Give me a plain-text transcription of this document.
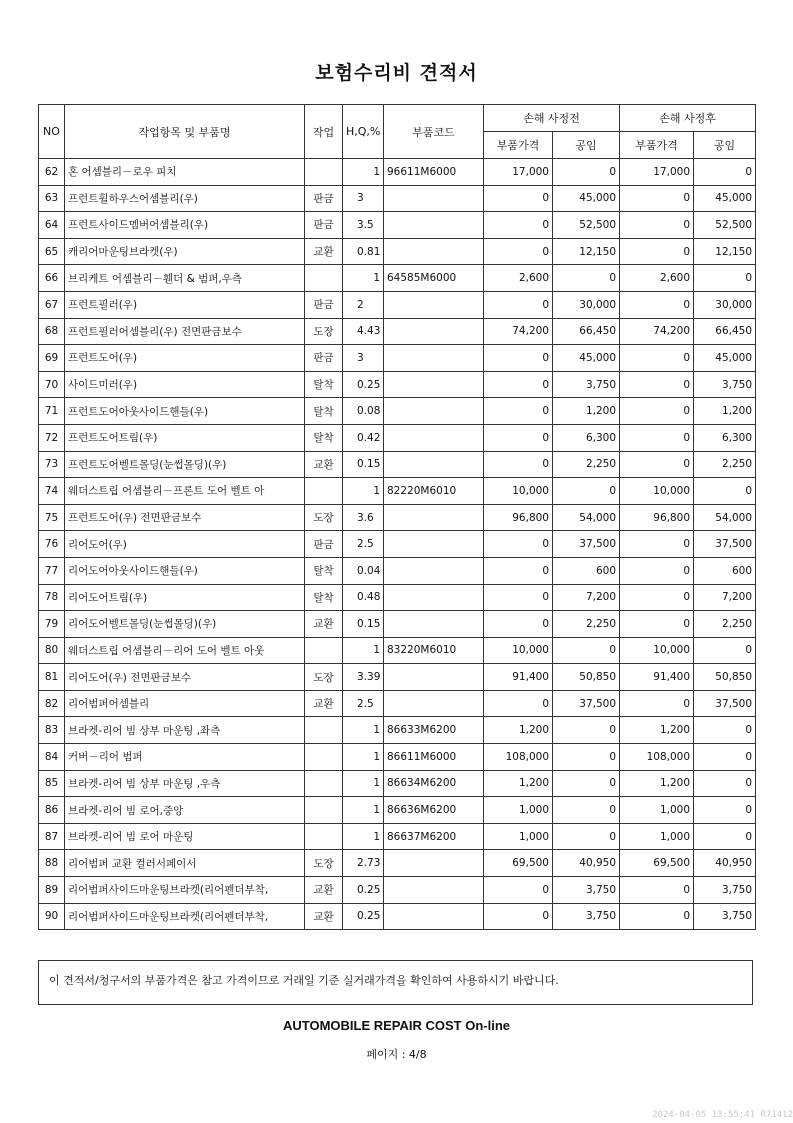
보험수리비 견적서
NO	작업항목 및 부품명	작업	H,Q,%	부품코드	손해 사정전		손해 사정후	
					부품가격	공임	부품가격	공임
62	혼 어셈블리－로우 피치		1	96611M6000	17,000	0	17,000	0
63	프런트휠하우스어셈블리(우)	판금	3		0	45,000	0	45,000
64	프런트사이드멤버어셈블리(우)	판금	3.5		0	52,500	0	52,500
65	캐리어마운팅브라켓(우)	교환	0.81		0	12,150	0	12,150
66	브리케트 어셈블리－휀더 & 범퍼,우측		1	64585M6000	2,600	0	2,600	0
67	프런트필러(우)	판금	2		0	30,000	0	30,000
68	프런트필러어셈블리(우) 전면판금보수	도장	4.43		74,200	66,450	74,200	66,450
69	프런트도어(우)	판금	3		0	45,000	0	45,000
70	사이드미러(우)	탈착	0.25		0	3,750	0	3,750
71	프런트도어아웃사이드핸들(우)	탈착	0.08		0	1,200	0	1,200
72	프런트도어트림(우)	탈착	0.42		0	6,300	0	6,300
73	프런트도어벨트몰딩(눈썹몰딩)(우)	교환	0.15		0	2,250	0	2,250
74	웨더스트립 어셈블리－프론트 도어 벨트 아		1	82220M6010	10,000	0	10,000	0
75	프런트도어(우) 전면판금보수	도장	3.6		96,800	54,000	96,800	54,000
76	리어도어(우)	판금	2.5		0	37,500	0	37,500
77	리어도어아웃사이드핸들(우)	탈착	0.04		0	600	0	600
78	리어도어트림(우)	탈착	0.48		0	7,200	0	7,200
79	리어도어벨트몰딩(눈썹몰딩)(우)	교환	0.15		0	2,250	0	2,250
80	웨더스트립 어셈블리－리어 도어 벨트 아웃		1	83220M6010	10,000	0	10,000	0
81	리어도어(우) 전면판금보수	도장	3.39		91,400	50,850	91,400	50,850
82	리어범퍼어셈블리	교환	2.5		0	37,500	0	37,500
83	브라켓-리어 빔 상부 마운팅 ,좌측		1	86633M6200	1,200	0	1,200	0
84	커버－리어 범퍼		1	86611M6000	108,000	0	108,000	0
85	브라켓-리어 빔 상부 마운팅 ,우측		1	86634M6200	1,200	0	1,200	0
86	브라켓-리어 빔 로어,중앙		1	86636M6200	1,000	0	1,000	0
87	브라켓-리어 빔 로어 마운팅		1	86637M6200	1,000	0	1,000	0
88	리어범퍼 교환 컬러서페이서	도장	2.73		69,500	40,950	69,500	40,950
89	리어범퍼사이드마운팅브라켓(리어펜더부착,	교환	0.25		0	3,750	0	3,750
90	리어범퍼사이드마운팅브라켓(리어펜더부착,	교환	0.25		0	3,750	0	3,750
이 견적서/청구서의 부품가격은 참고 가격이므로 거래일 기준 실거래가격을 확인하여 사용하시기 바랍니다.
AUTOMOBILE REPAIR COST On-line
페이지 : 4/8
2024-04-05 13:55:41 R71412
